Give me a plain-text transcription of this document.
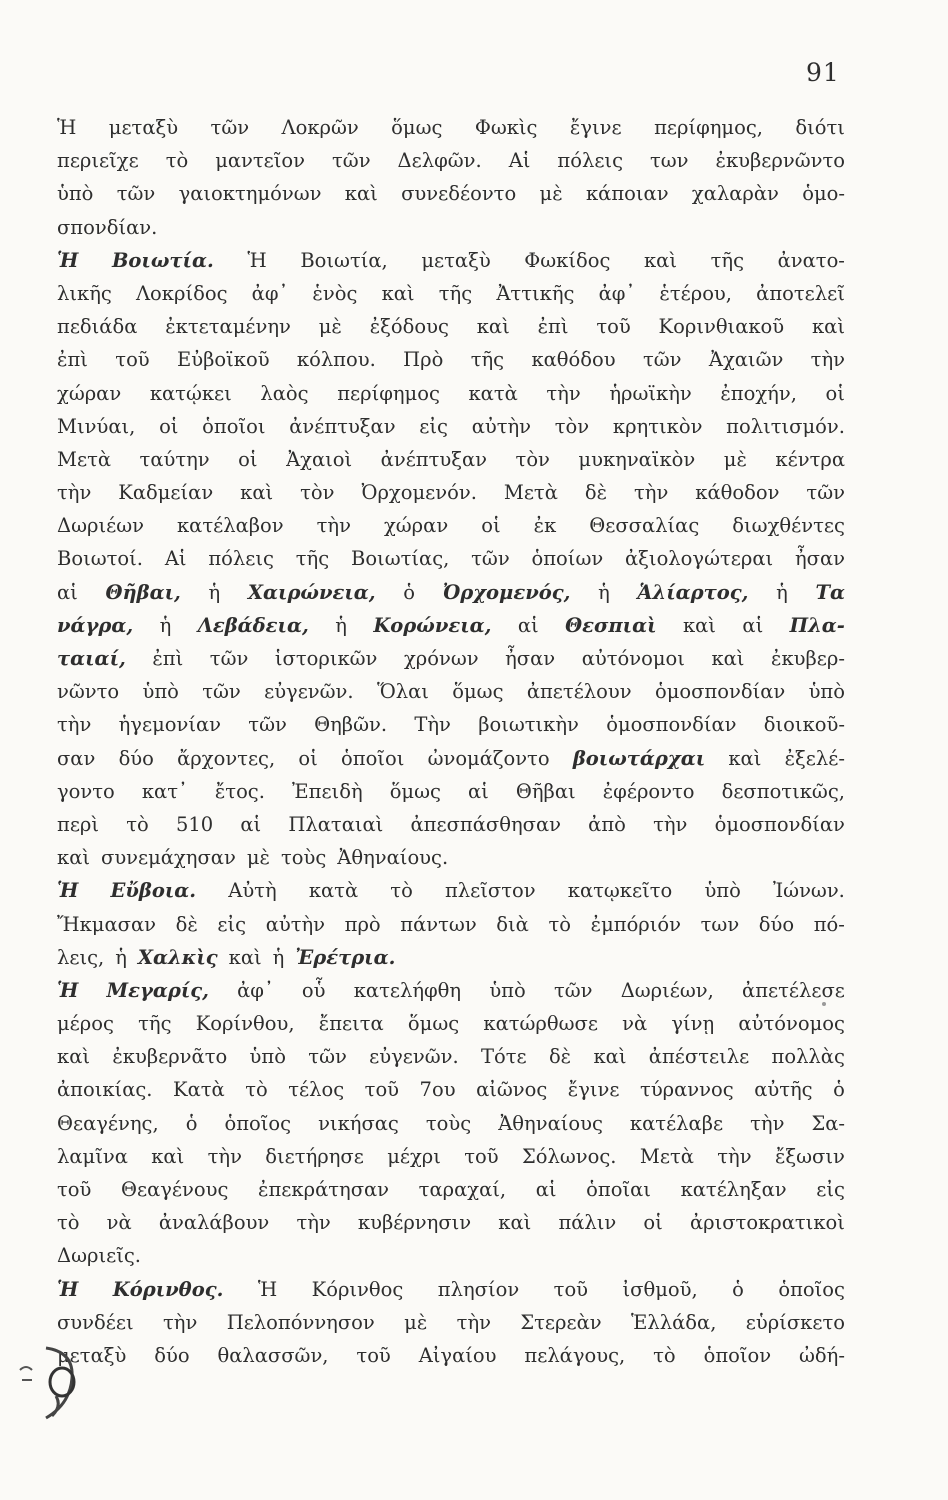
91
Ἡ μεταξὺ τῶν Λοκρῶν ὅμως Φωκὶς ἔγινε περίφημος, διότι
περιεῖχε τὸ μαντεῖον τῶν Δελφῶν. Αἱ πόλεις των ἐκυβερνῶντο
ὑπὸ τῶν γαιοκτημόνων καὶ συνεδέοντο μὲ κάποιαν χαλαρὰν ὁμο-
σπονδίαν.
Ἡ Βοιωτία. Ἡ Βοιωτία, μεταξὺ Φωκίδος καὶ τῆς ἀνατο-
λικῆς Λοκρίδος ἀφ᾿ ἑνὸς καὶ τῆς Ἀττικῆς ἀφ᾿ ἑτέρου, ἀποτελεῖ
πεδιάδα ἐκτεταμένην μὲ ἐξόδους καὶ ἐπὶ τοῦ Κορινθιακοῦ καὶ
ἐπὶ τοῦ Εὐβοϊκοῦ κόλπου. Πρὸ τῆς καθόδου τῶν Ἀχαιῶν τὴν
χώραν κατῴκει λαὸς περίφημος κατὰ τὴν ἡρωϊκὴν ἐποχήν, οἱ
Μινύαι, οἱ ὁποῖοι ἀνέπτυξαν εἰς αὐτὴν τὸν κρητικὸν πολιτισμόν.
Μετὰ ταύτην οἱ Ἀχαιοὶ ἀνέπτυξαν τὸν μυκηναϊκὸν μὲ κέντρα
τὴν Καδμείαν καὶ τὸν Ὀρχομενόν. Μετὰ δὲ τὴν κάθοδον τῶν
Δωριέων κατέλαβον τὴν χώραν οἱ ἐκ Θεσσαλίας διωχθέντες
Βοιωτοί. Αἱ πόλεις τῆς Βοιωτίας, τῶν ὁποίων ἀξιολογώτεραι ἦσαν
αἱ Θῆβαι, ἡ Χαιρώνεια, ὁ Ὀρχομενός, ἡ Ἁλίαρτος, ἡ Τα
νάγρα, ἡ Λεβάδεια, ἡ Κορώνεια, αἱ Θεσπιαὶ καὶ αἱ Πλα-
ταιαί, ἐπὶ τῶν ἱστορικῶν χρόνων ἦσαν αὐτόνομοι καὶ ἐκυβερ-
νῶντο ὑπὸ τῶν εὐγενῶν. Ὅλαι ὅμως ἀπετέλουν ὁμοσπονδίαν ὑπὸ
τὴν ἡγεμονίαν τῶν Θηβῶν. Τὴν βοιωτικὴν ὁμοσπονδίαν διοικοῦ-
σαν δύο ἄρχοντες, οἱ ὁποῖοι ὠνομάζοντο βοιωτάρχαι καὶ ἐξελέ-
γοντο κατ᾿ ἔτος. Ἐπειδὴ ὅμως αἱ Θῆβαι ἐφέροντο δεσποτικῶς,
περὶ τὸ 510 αἱ Πλαταιαὶ ἀπεσπάσθησαν ἀπὸ τὴν ὁμοσπονδίαν
καὶ συνεμάχησαν μὲ τοὺς Ἀθηναίους.
Ἡ Εὔβοια. Αὐτὴ κατὰ τὸ πλεῖστον κατῳκεῖτο ὑπὸ Ἰώνων.
Ἤκμασαν δὲ εἰς αὐτὴν πρὸ πάντων διὰ τὸ ἐμπόριόν των δύο πό-
λεις, ἡ Χαλκὶς καὶ ἡ Ἐρέτρια.
Ἡ Μεγαρίς, ἀφ᾿ οὗ κατελήφθη ὑπὸ τῶν Δωριέων, ἀπετέλεσε
μέρος τῆς Κορίνθου, ἔπειτα ὅμως κατώρθωσε νὰ γίνῃ αὐτόνομος
καὶ ἐκυβερνᾶτο ὑπὸ τῶν εὐγενῶν. Τότε δὲ καὶ ἀπέστειλε πολλὰς
ἀποικίας. Κατὰ τὸ τέλος τοῦ 7ου αἰῶνος ἔγινε τύραννος αὐτῆς ὁ
Θεαγένης, ὁ ὁποῖος νικήσας τοὺς Ἀθηναίους κατέλαβε τὴν Σα-
λαμῖνα καὶ τὴν διετήρησε μέχρι τοῦ Σόλωνος. Μετὰ τὴν ἔξωσιν
τοῦ Θεαγένους ἐπεκράτησαν ταραχαί, αἱ ὁποῖαι κατέληξαν εἰς
τὸ νὰ ἀναλάβουν τὴν κυβέρνησιν καὶ πάλιν οἱ ἀριστοκρατικοὶ
Δωριεῖς.
Ἡ Κόρινθος. Ἡ Κόρινθος πλησίον τοῦ ἰσθμοῦ, ὁ ὁποῖος
συνδέει τὴν Πελοπόννησον μὲ τὴν Στερεὰν Ἑλλάδα, εὑρίσκετο
μεταξὺ δύο θαλασσῶν, τοῦ Αἰγαίου πελάγους, τὸ ὁποῖον ὠδή-
